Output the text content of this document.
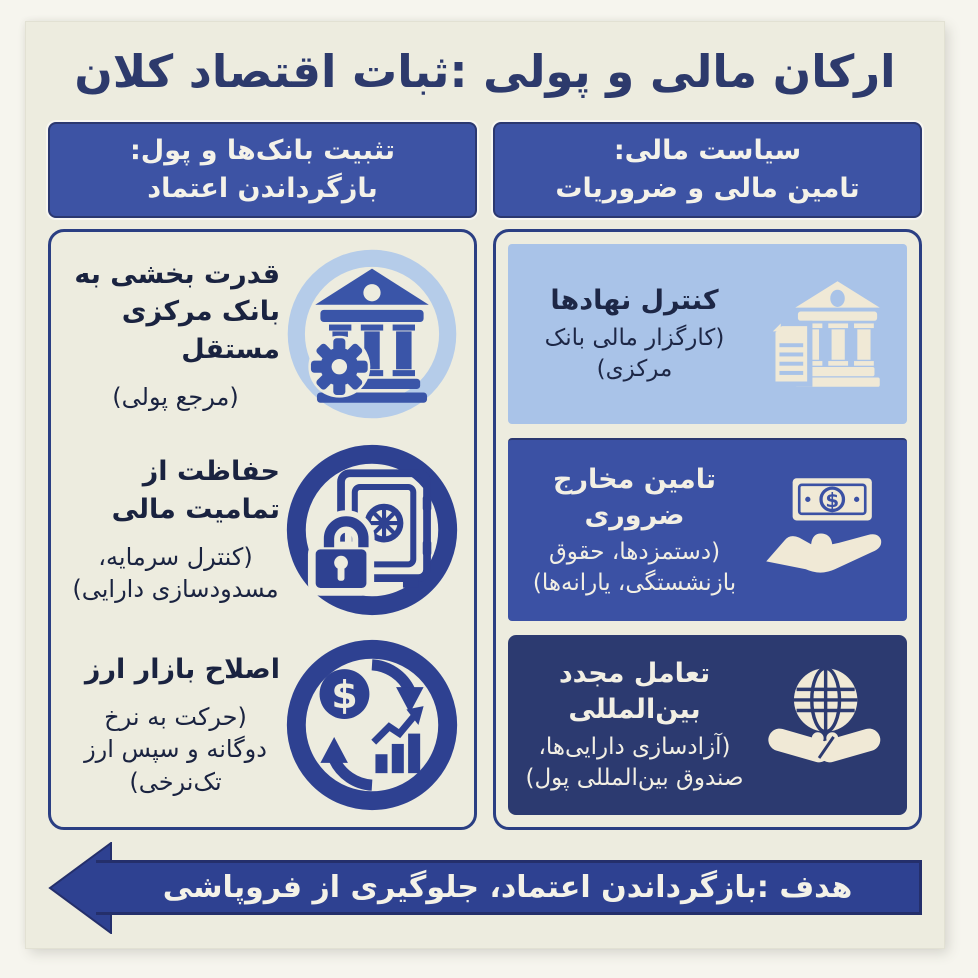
ارکان مالی و پولی :ثبات اقتصاد کلان
سیاست مالی:
تامین مالی و ضروریات
کنترل نهادها
(کارگزار مالی بانک مرکزی)
$
تامین مخارج ضروری
(دستمزدها، حقوق بازنشستگی، یارانه‌ها)
تعامل مجدد بین‌المللی
(آزادسازی دارایی‌ها، صندوق بین‌المللی پول)
تثبیت بانک‌ها و پول:
بازگرداندن اعتماد
قدرت بخشی به بانک مرکزی مستقل
(مرجع پولی)
حفاظت از تمامیت مالی
(کنترل سرمایه، مسدودسازی دارایی)
$
اصلاح بازار ارز
(حرکت به نرخ دوگانه و سپس ارز تک‌نرخی)
هدف :بازگرداندن اعتماد، جلوگیری از فروپاشی
